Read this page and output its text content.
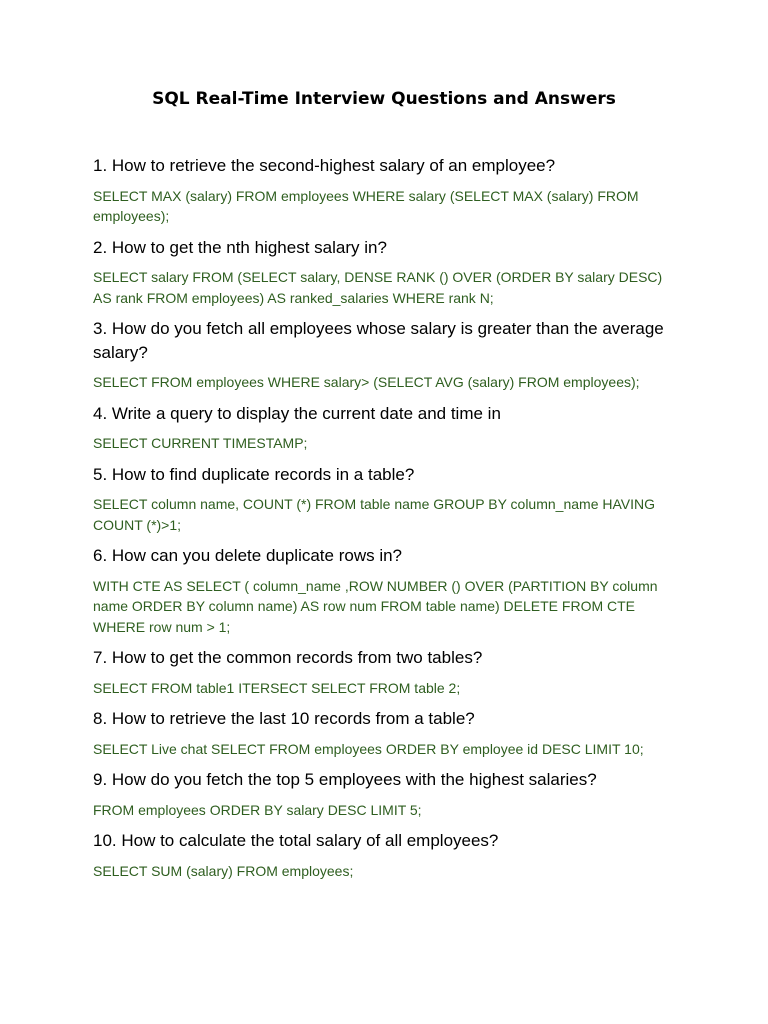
SQL Real-Time Interview Questions and Answers

1. How to retrieve the second-highest salary of an employee?

SELECT MAX (salary) FROM employees WHERE salary (SELECT MAX (salary) FROM employees);

2. How to get the nth highest salary in?

SELECT salary FROM (SELECT salary, DENSE RANK () OVER (ORDER BY salary DESC) AS rank FROM employees) AS ranked_salaries WHERE rank N;

3. How do you fetch all employees whose salary is greater than the average salary?

SELECT FROM employees WHERE salary> (SELECT AVG (salary) FROM employees);

4. Write a query to display the current date and time in

SELECT CURRENT TIMESTAMP;

5. How to find duplicate records in a table?

SELECT column name, COUNT (*) FROM table name GROUP BY column_name HAVING COUNT (*)>1;

6. How can you delete duplicate rows in?

WITH CTE AS SELECT ( column_name ,ROW NUMBER () OVER (PARTITION BY column name ORDER BY column name) AS row num FROM table name) DELETE FROM CTE WHERE row num > 1;

7. How to get the common records from two tables?

SELECT FROM table1 ITERSECT SELECT FROM table 2;

8. How to retrieve the last 10 records from a table?

SELECT Live chat SELECT FROM employees ORDER BY employee id DESC LIMIT 10;

9. How do you fetch the top 5 employees with the highest salaries?

FROM employees ORDER BY salary DESC LIMIT 5;

10. How to calculate the total salary of all employees?

SELECT SUM (salary) FROM employees;
